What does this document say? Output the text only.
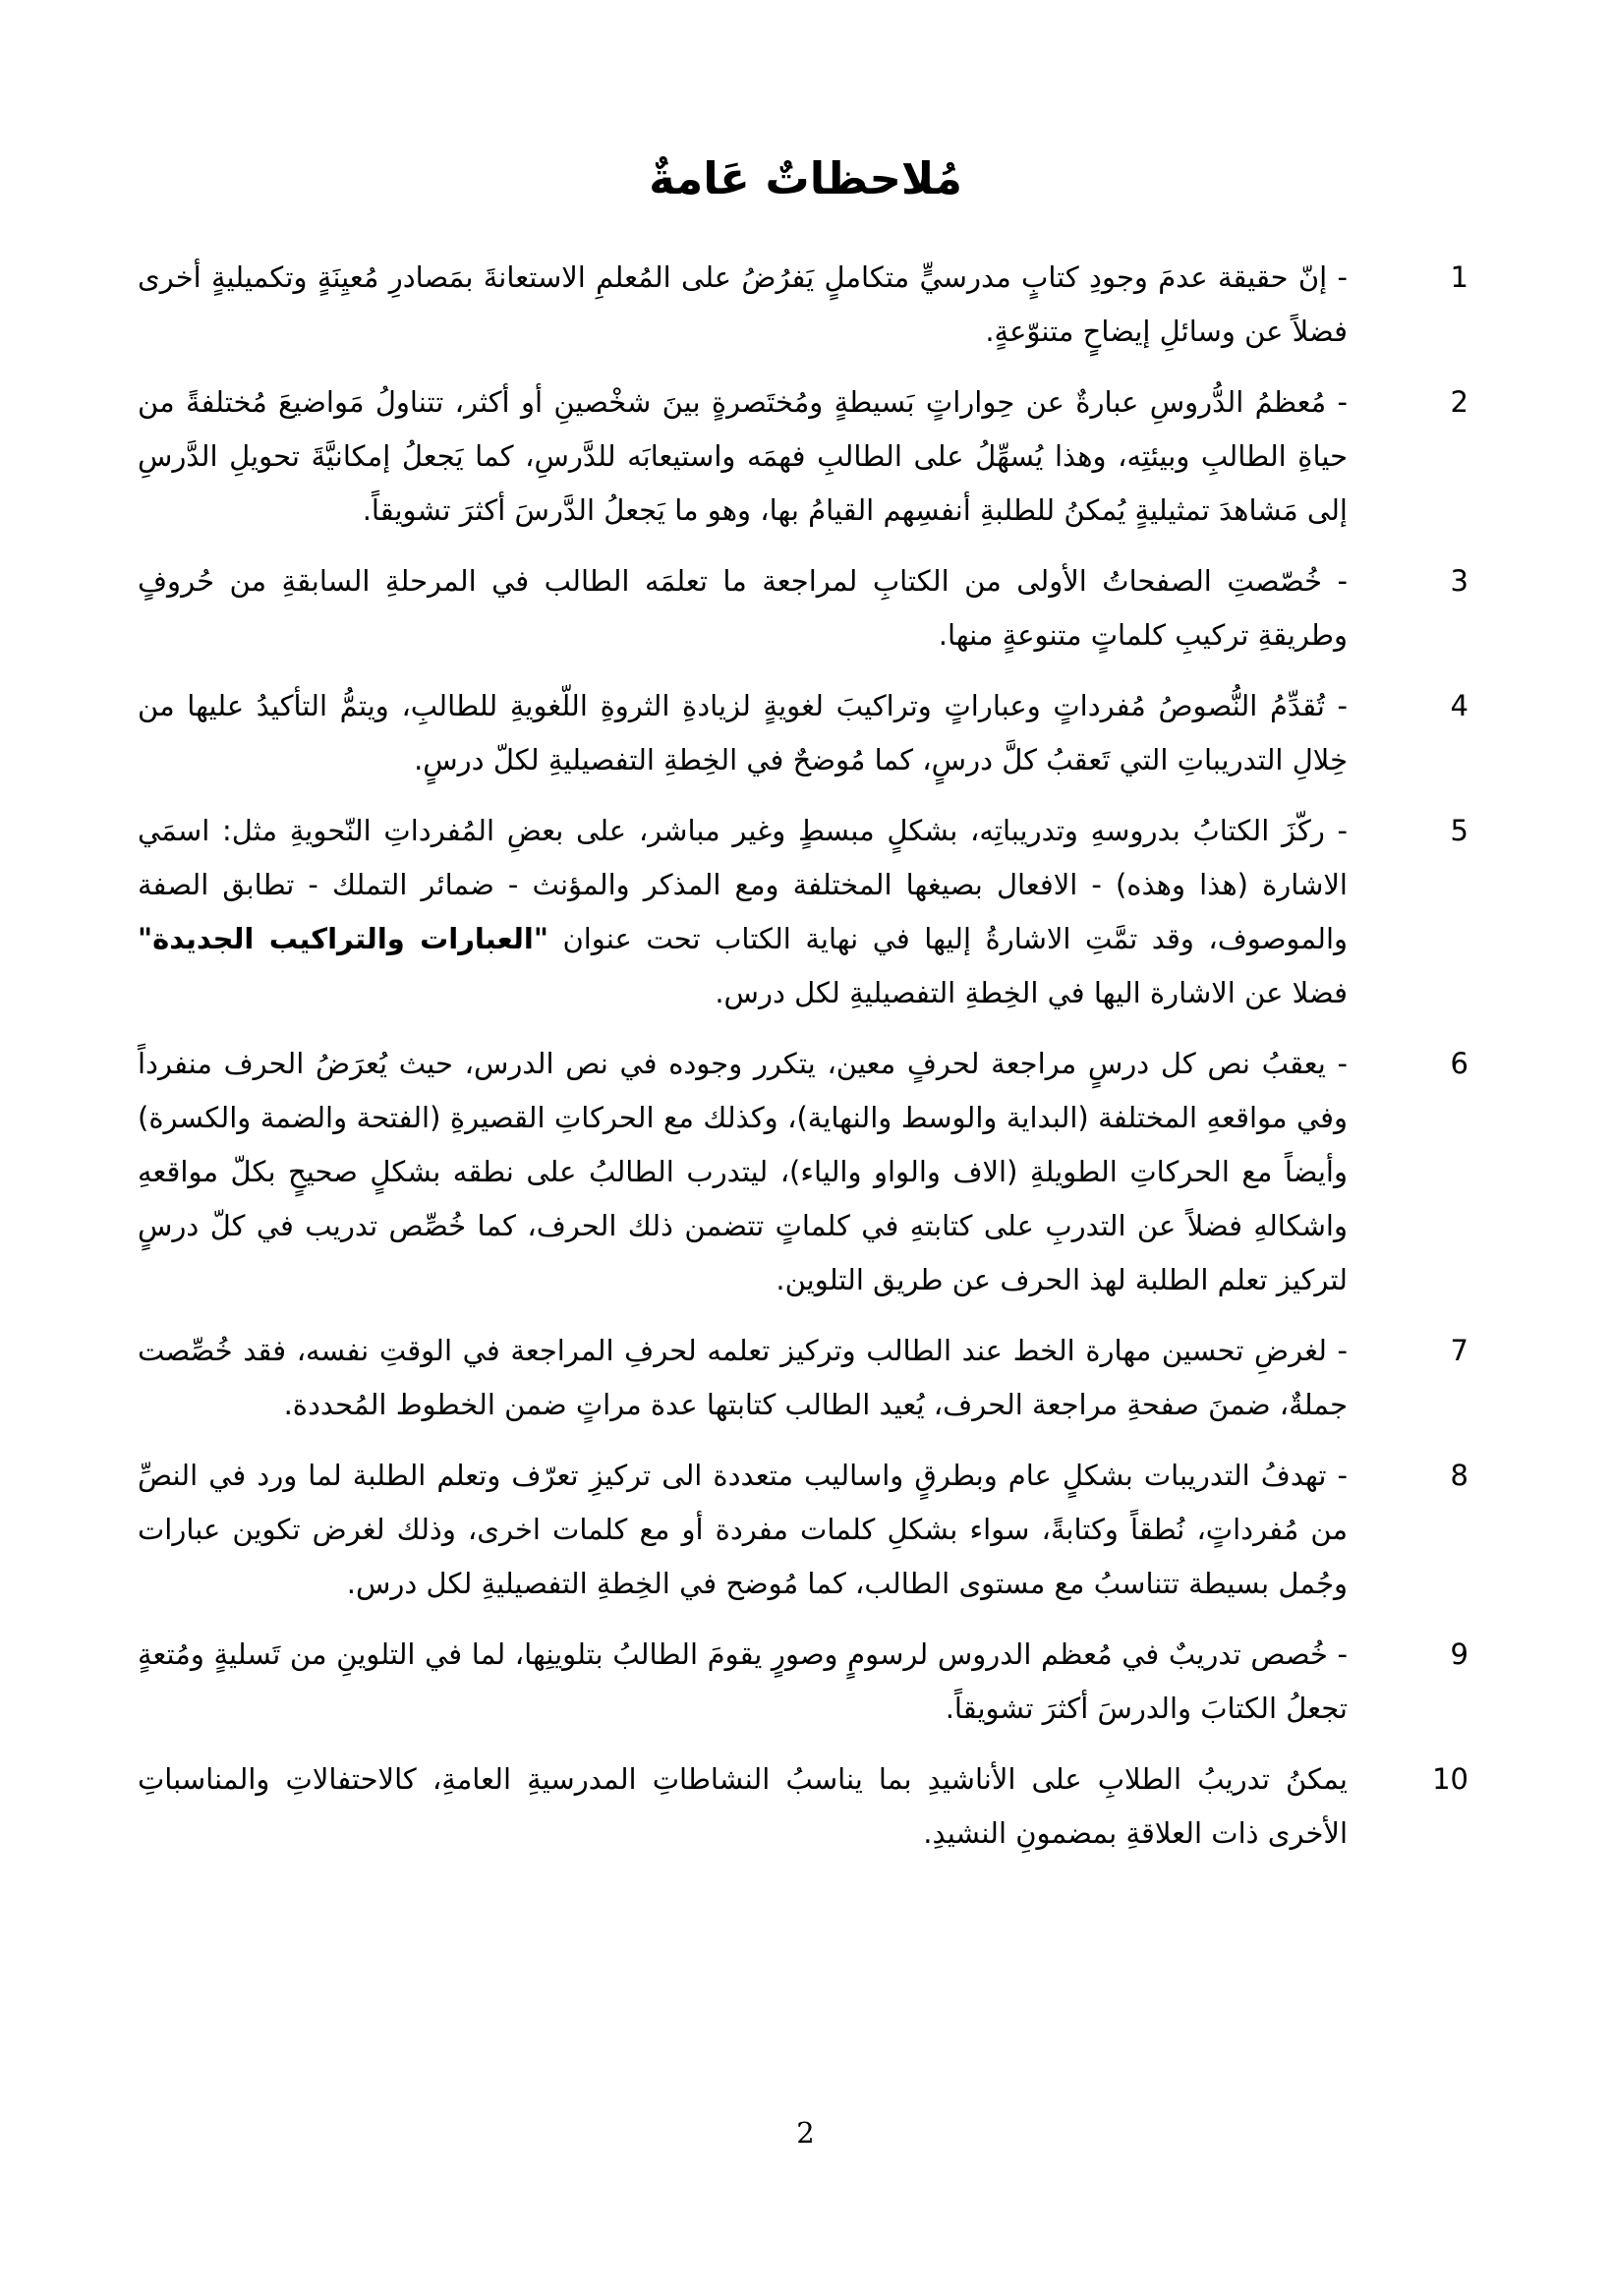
مُلاحظاتٌ عَامةٌ
1
- إنّ حقيقة عدمَ وجودِ كتابٍ مدرسيٍّ متكاملٍ يَفرُضُ على المُعلمِ الاستعانةَ بمَصادرِ مُعيِنَةٍ وتكميليةٍ أخرى فضلاً عن وسائلِ إيضاحٍ متنوّعةٍ.
2
- مُعظمُ الدُّروسِ عبارةٌ عن حِواراتٍ بَسيطةٍ ومُختَصرةٍ بينَ شخْصينِ أو أكثر، تتناولُ مَواضيعَ مُختلفةً من حياةِ الطالبِ وبيئتِه، وهذا يُسهِّلُ على الطالبِ فهمَه واستيعابَه للدَّرسِ، كما يَجعلُ إمكانيَّةَ تحويلِ الدَّرسِ إلى مَشاهدَ تمثيليةٍ يُمكنُ للطلبةِ أنفسِهم القيامُ بها، وهو ما يَجعلُ الدَّرسَ أكثرَ تشويقاً.
3
- خُصّصتِ الصفحاتُ الأولى من الكتابِ لمراجعة ما تعلمَه الطالب في المرحلةِ السابقةِ من حُروفٍ وطريقةِ تركيبِ كلماتٍ متنوعةٍ منها.
4
- تُقدِّمُ النُّصوصُ مُفرداتٍ وعباراتٍ وتراكيبَ لغويةٍ لزيادةِ الثروةِ اللّغويةِ للطالبِ، ويتمُّ التأكيدُ عليها من خِلالِ التدريباتِ التي تَعقبُ كلَّ درسٍ، كما مُوضحٌ في الخِطةِ التفصيليةِ لكلّ درسٍ.
5
- ركّزَ الكتابُ بدروسهِ وتدريباتِه، بشكلٍ مبسطٍ وغير مباشر، على بعضِ المُفرداتِ النّحويةِ مثل: اسمَي الاشارة (هذا وهذه) - الافعال بصيغها المختلفة ومع المذكر والمؤنث - ضمائر التملك - تطابق الصفة والموصوف، وقد تمَّتِ الاشارةُ إليها في نهاية الكتاب تحت عنوان "العبارات والتراكيب الجديدة" فضلا عن الاشارة اليها في الخِطةِ التفصيليةِ لكل درس.
6
- يعقبُ نص كل درسٍ مراجعة لحرفٍ معين، يتكرر وجوده في نص الدرس، حيث يُعرَضُ الحرف منفرداً وفي مواقعهِ المختلفة (البداية والوسط والنهاية)، وكذلك مع الحركاتِ القصيرةِ (الفتحة والضمة والكسرة) وأيضاً مع الحركاتِ الطويلةِ (الاف والواو والياء)، ليتدرب الطالبُ على نطقه بشكلٍ صحيحٍ بكلّ مواقعهِ واشكالهِ فضلاً عن التدربِ على كتابتهِ في كلماتٍ تتضمن ذلك الحرف، كما خُصِّص تدريب في كلّ درسٍ لتركيز تعلم الطلبة لهذ الحرف عن طريق التلوين.
7
- لغرضِ تحسين مهارة الخط عند الطالب وتركيز تعلمه لحرفِ المراجعة في الوقتِ نفسه، فقد خُصِّصت جملةٌ، ضمنَ صفحةِ مراجعة الحرف، يُعيد الطالب كتابتها عدة مراتٍ ضمن الخطوط المُحددة.
8
- تهدفُ التدريبات بشكلٍ عام وبطرقٍ واساليب متعددة الى تركيزِ تعرّف وتعلم الطلبة لما ورد في النصِّ من مُفرداتٍ، نُطقاً وكتابةً، سواء بشكلِ كلمات مفردة أو مع كلمات اخرى، وذلك لغرض تكوين عبارات وجُمل بسيطة تتناسبُ مع مستوى الطالب، كما مُوضح في الخِطةِ التفصيليةِ لكل درس.
9
- خُصص تدريبٌ في مُعظم الدروس لرسومٍ وصورٍ يقومَ الطالبُ بتلوينِها، لما في التلوينِ من تَسليةٍ ومُتعةٍ تجعلُ الكتابَ والدرسَ أكثرَ تشويقاً.
10
يمكنُ تدريبُ الطلابِ على الأناشيدِ بما يناسبُ النشاطاتِ المدرسيةِ العامةِ، كالاحتفالاتِ والمناسباتِ الأخرى ذات العلاقةِ بمضمونِ النشيدِ.
2
